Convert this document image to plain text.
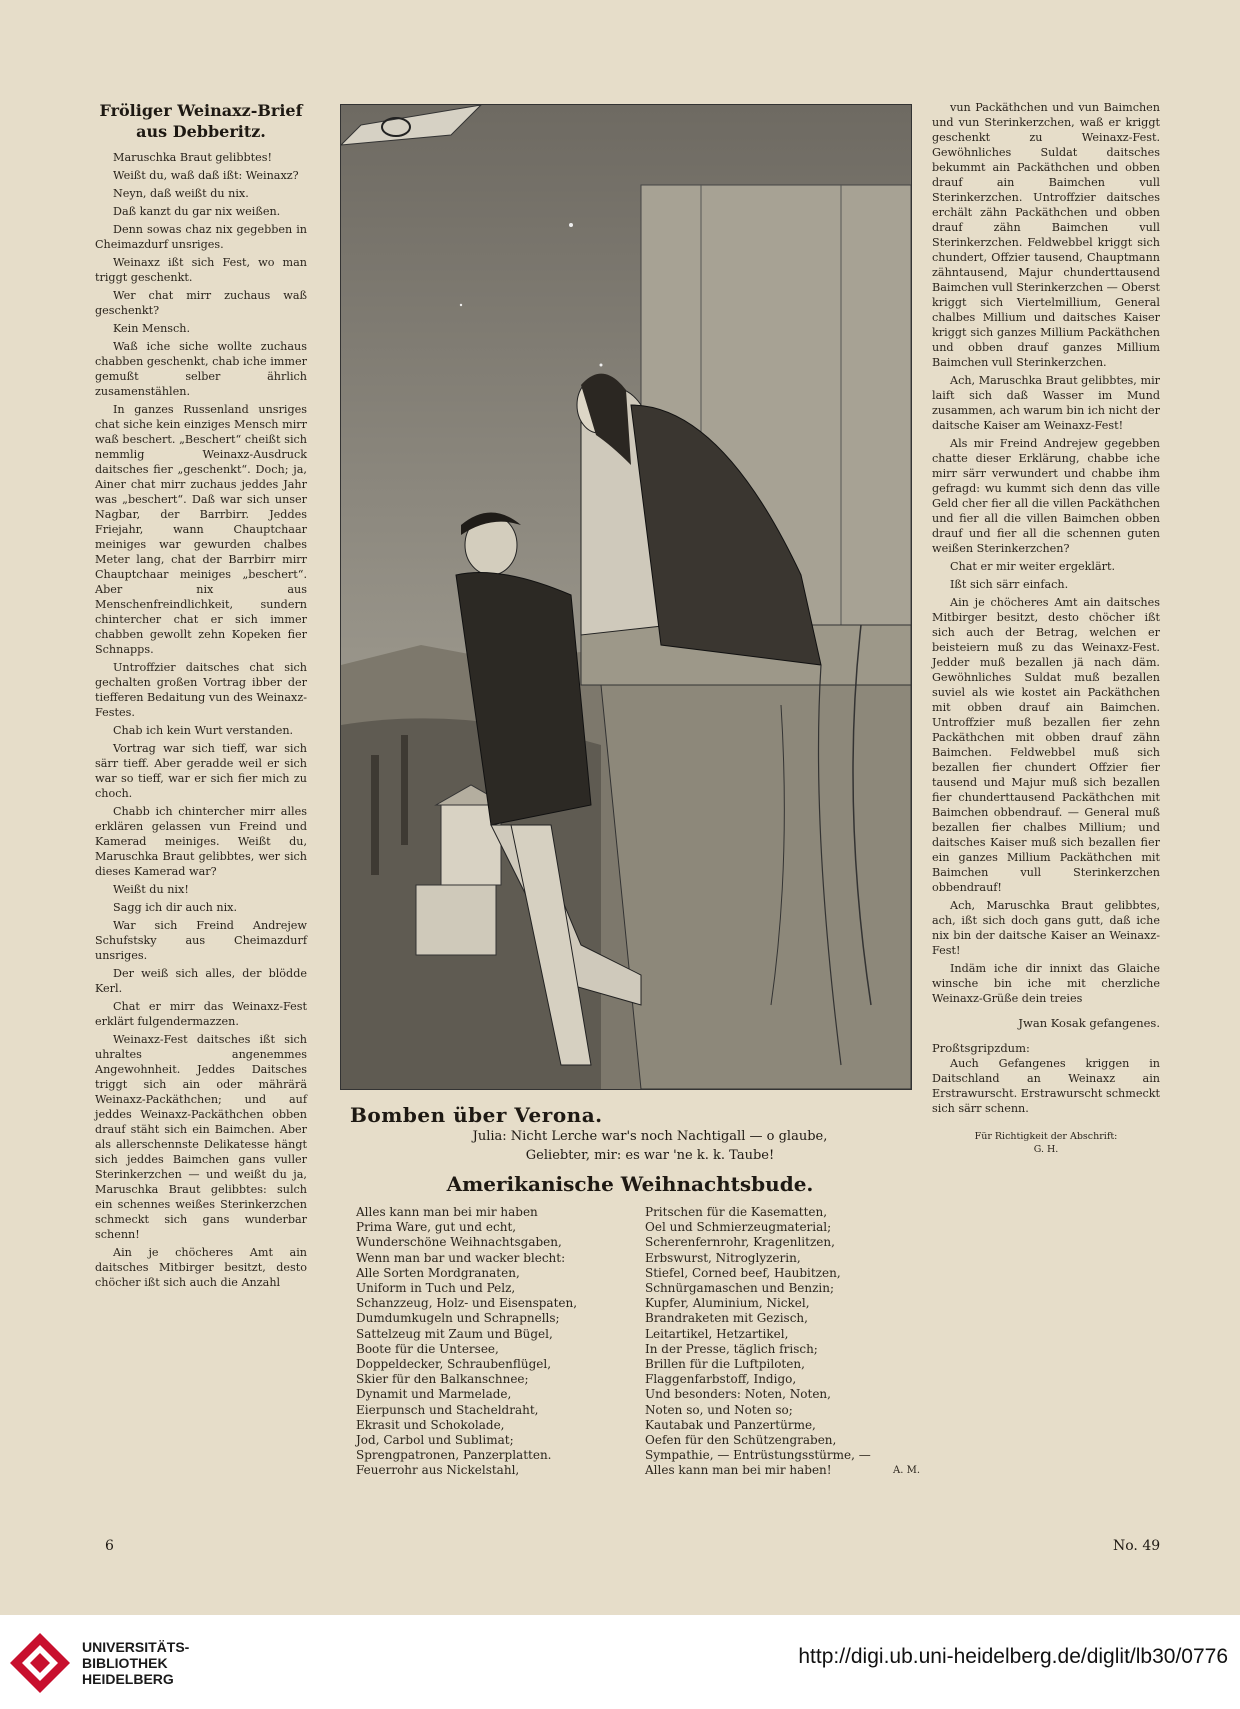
Fröliger Weinaxz-Brief
aus Debberitz.

Maruschka Braut gelibbtes!

Weißt du, waß daß ißt: Weinaxz?

Neyn, daß weißt du nix.

Daß kanzt du gar nix weißen.

Denn sowas chaz nix gegebben in Cheimazdurf unsriges.

Weinaxz ißt sich Fest, wo man triggt geschenkt.

Wer chat mirr zuchaus waß geschenkt?

Kein Mensch.

Waß iche siche wollte zuchaus chabben geschenkt, chab iche immer gemußt selber ährlich zusamenstählen.

In ganzes Russenland unsriges chat siche kein einziges Mensch mirr waß beschert. „Beschert“ cheißt sich nemmlig Weinaxz-Ausdruck daitsches fier „geschenkt“. Doch; ja, Ainer chat mirr zuchaus jeddes Jahr was „beschert“. Daß war sich unser Nagbar, der Barrbirr. Jeddes Friejahr, wann Chauptchaar meiniges war gewurden chalbes Meter lang, chat der Barrbirr mirr Chauptchaar meiniges „beschert“. Aber nix aus Menschenfreindlichkeit, sundern chintercher chat er sich immer chabben gewollt zehn Kopeken fier Schnapps.

Untroffzier daitsches chat sich gechalten großen Vortrag ibber der tiefferen Bedaitung vun des Weinaxz-Festes.

Chab ich kein Wurt verstanden.

Vortrag war sich tieff, war sich särr tieff. Aber geradde weil er sich war so tieff, war er sich fier mich zu choch.

Chabb ich chintercher mirr alles erklären gelassen vun Freind und Kamerad meiniges. Weißt du, Maruschka Braut gelibbtes, wer sich dieses Kamerad war?

Weißt du nix!

Sagg ich dir auch nix.

War sich Freind Andrejew Schufstsky aus Cheimazdurf unsriges.

Der weiß sich alles, der blödde Kerl.

Chat er mirr das Weinaxz-Fest erklärt fulgendermazzen.

Weinaxz-Fest daitsches ißt sich uhraltes angenemmes Angewohnheit. Jeddes Daitsches triggt sich ain oder mährärä Weinaxz-Packäthchen; und auf jeddes Weinaxz-Packäthchen obben drauf stäht sich ein Baimchen. Aber als allerschennste Delikatesse hängt sich jeddes Baimchen gans vuller Sterinkerzchen — und weißt du ja, Maruschka Braut gelibbtes: sulch ein schennes weißes Sterinkerzchen schmeckt sich gans wunderbar schenn!

Ain je chöcheres Amt ain daitsches Mitbirger besitzt, desto chöcher ißt sich auch die Anzahl

Bomben über Verona.
Julia: Nicht Lerche war's noch Nachtigall — o glaube,
Geliebter, mir: es war 'ne k. k. Taube!
Amerikanische Weihnachtsbude.
Alles kann man bei mir haben
Prima Ware, gut und echt,
Wunderschöne Weihnachtsgaben,
Wenn man bar und wacker blecht:
Alle Sorten Mordgranaten,
Uniform in Tuch und Pelz,
Schanzzeug, Holz- und Eisenspaten,
Dumdumkugeln und Schrapnells;
Sattelzeug mit Zaum und Bügel,
Boote für die Untersee,
Doppeldecker, Schraubenflügel,
Skier für den Balkanschnee;
Dynamit und Marmelade,
Eierpunsch und Stacheldraht,
Ekrasit und Schokolade,
Jod, Carbol und Sublimat;
Sprengpatronen, Panzerplatten.
Feuerrohr aus Nickelstahl,
Pritschen für die Kasematten,
Oel und Schmierzeugmaterial;
Scherenfernrohr, Kragenlitzen,
Erbswurst, Nitroglyzerin,
Stiefel, Corned beef, Haubitzen,
Schnürgamaschen und Benzin;
Kupfer, Aluminium, Nickel,
Brandraketen mit Gezisch,
Leitartikel, Hetzartikel,
In der Presse, täglich frisch;
Brillen für die Luftpiloten,
Flaggenfarbstoff, Indigo,
Und besonders: Noten, Noten,
Noten so, und Noten so;
Kautabak und Panzertürme,
Oefen für den Schützengraben,
Sympathie, — Entrüstungsstürme, —
Alles kann man bei mir haben!	A. M.

vun Packäthchen und vun Baimchen und vun Sterinkerzchen, waß er kriggt geschenkt zu Weinaxz-Fest. Gewöhnliches Suldat daitsches bekummt ain Packäthchen und obben drauf ain Baimchen vull Sterinkerzchen. Untroffzier daitsches erchält zähn Packäthchen und obben drauf zähn Baimchen vull Sterinkerzchen. Feldwebbel kriggt sich chundert, Offzier tausend, Chauptmann zähntausend, Majur chunderttausend Baimchen vull Sterinkerzchen — Oberst kriggt sich Viertelmillium, General chalbes Millium und daitsches Kaiser kriggt sich ganzes Millium Packäthchen und obben drauf ganzes Millium Baimchen vull Sterinkerzchen.

Ach, Maruschka Braut gelibbtes, mir laift sich daß Wasser im Mund zusammen, ach warum bin ich nicht der daitsche Kaiser am Weinaxz-Fest!

Als mir Freind Andrejew gegebben chatte dieser Erklärung, chabbe iche mirr särr verwundert und chabbe ihm gefragd: wu kummt sich denn das ville Geld cher fier all die villen Packäthchen und fier all die villen Baimchen obben drauf und fier all die schennen guten weißen Sterinkerzchen?

Chat er mir weiter ergeklärt.

Ißt sich särr einfach.

Ain je chöcheres Amt ain daitsches Mitbirger besitzt, desto chöcher ißt sich auch der Betrag, welchen er beisteiern muß zu das Weinaxz-Fest. Jedder muß bezallen jä nach däm. Gewöhnliches Suldat muß bezallen suviel als wie kostet ain Packäthchen mit obben drauf ain Baimchen. Untroffzier muß bezallen fier zehn Packäthchen mit obben drauf zähn Baimchen. Feldwebbel muß sich bezallen fier chundert Offzier fier tausend und Majur muß sich bezallen fier chunderttausend Packäthchen mit Baimchen obbendrauf. — General muß bezallen fier chalbes Millium; und daitsches Kaiser muß sich bezallen fier ein ganzes Millium Packäthchen mit Baimchen vull Sterinkerzchen obbendrauf!

Ach, Maruschka Braut gelibbtes, ach, ißt sich doch gans gutt, daß iche nix bin der daitsche Kaiser an Weinaxz-Fest!

Indäm iche dir innixt das Glaiche winsche bin iche mit cherzliche Weinaxz-Grüße dein treies

Jwan Kosak gefangenes.
Proßtsgripzdum:

Auch Gefangenes kriggen in Daitschland an Weinaxz ain Erstrawurscht. Erstrawurscht schmeckt sich särr schenn.

Für Richtigkeit der Abschrift:
G. H.
6	No. 49
UNIVERSITÄTS-
BIBLIOTHEK
HEIDELBERG
http://digi.ub.uni-heidelberg.de/diglit/lb30/0776
